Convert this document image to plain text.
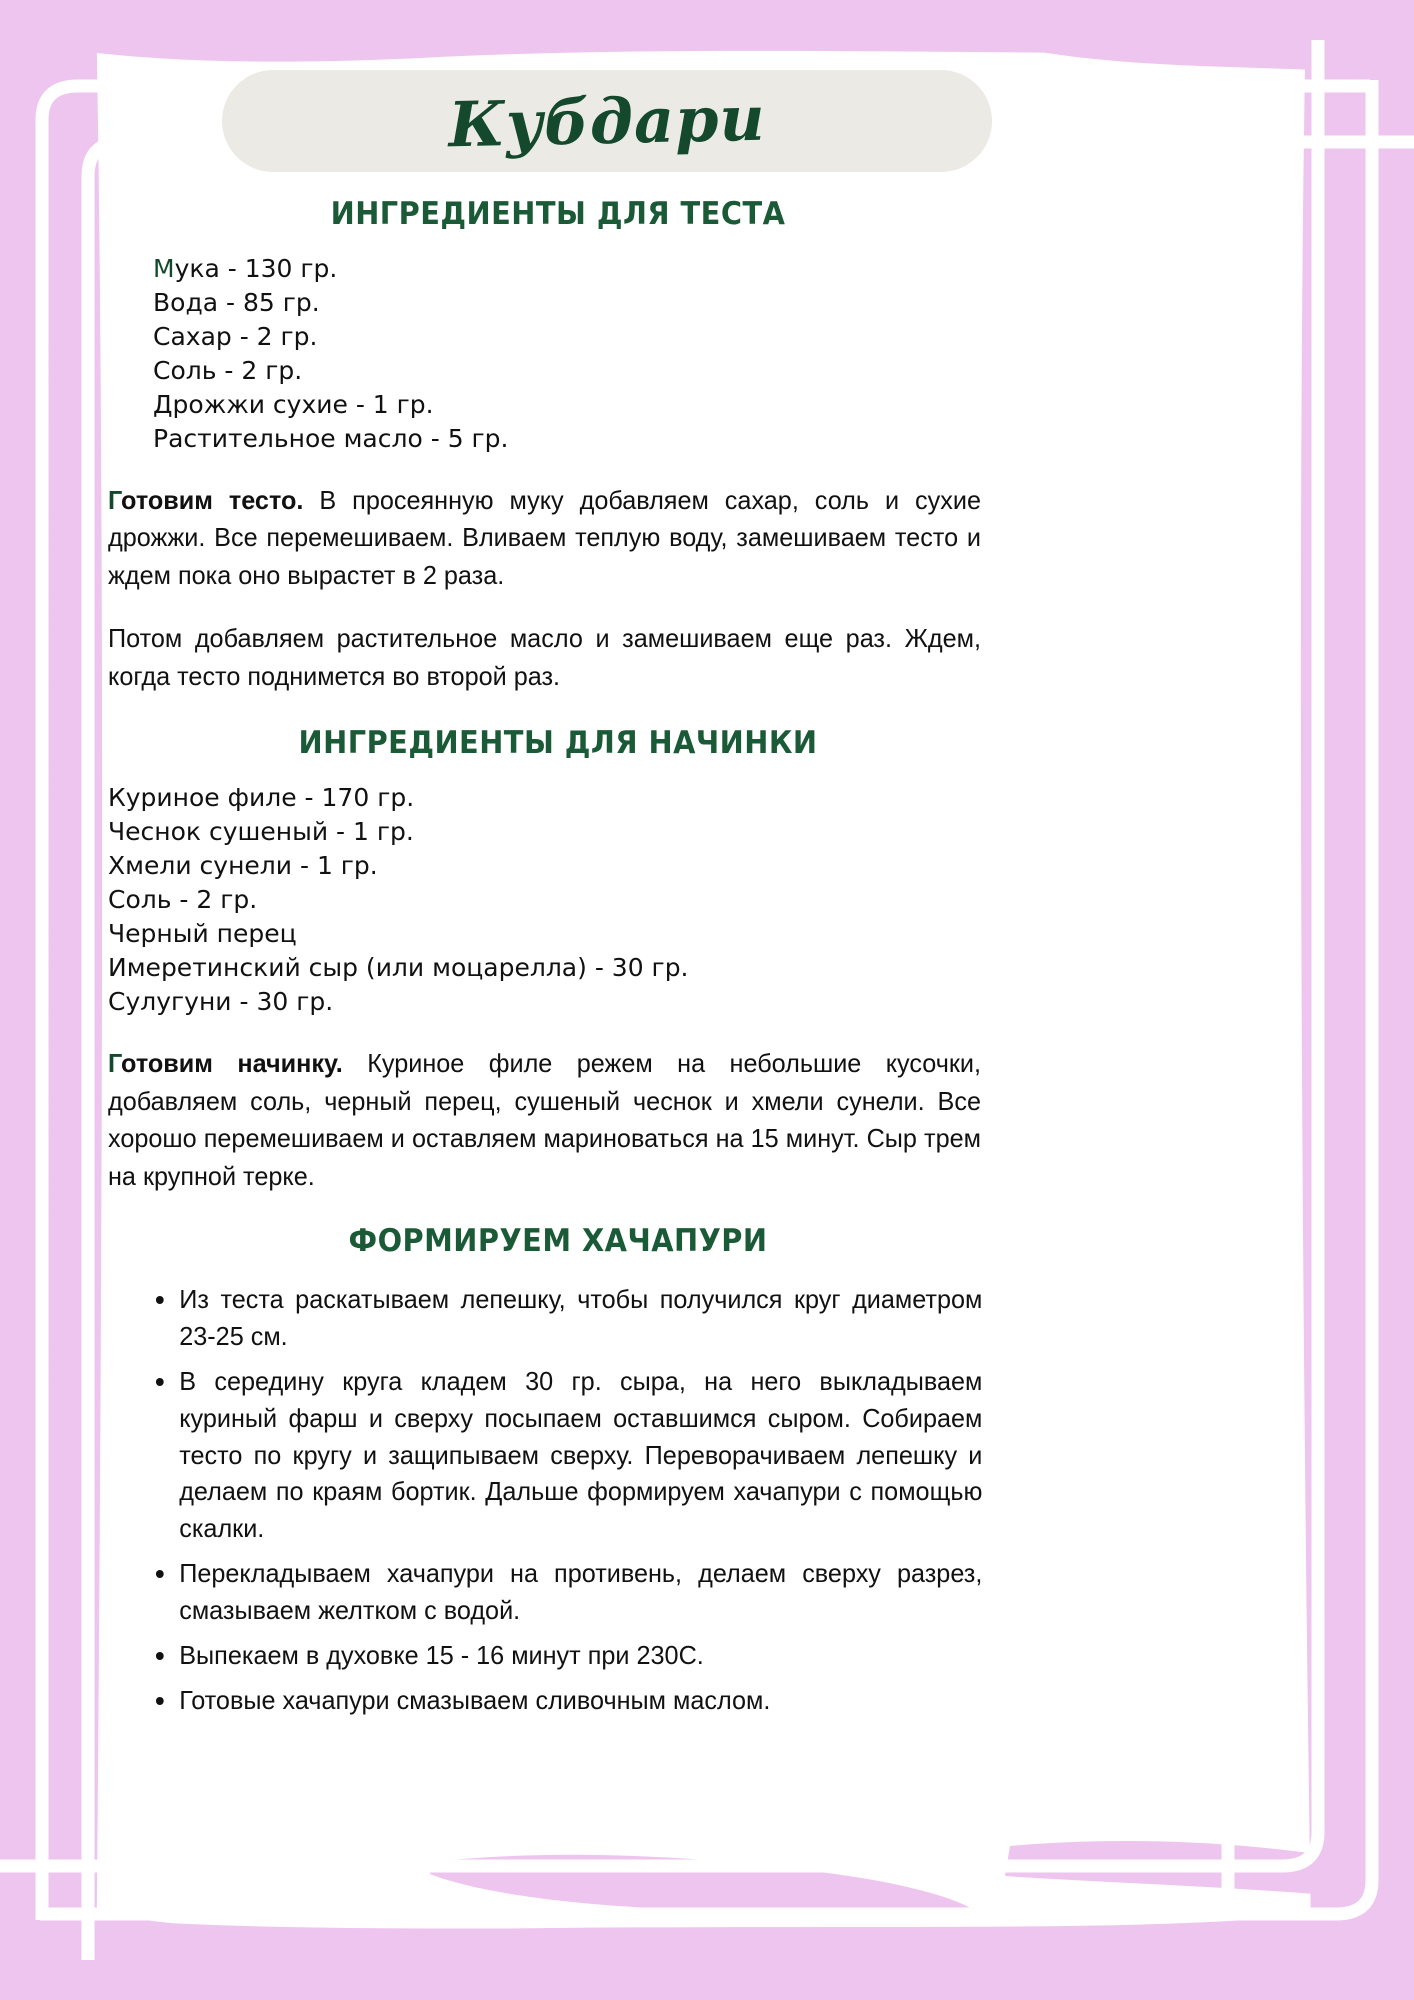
Кубдари
ИНГРЕДИЕНТЫ ДЛЯ ТЕСТА
Мука - 130 гр.
Вода - 85 гр.
Сахар - 2 гр.
Соль - 2 гр.
Дрожжи сухие - 1 гр.
Растительное масло - 5 гр.

Готовим тесто. В просеянную муку добавляем сахар, соль и сухие дрожжи. Все перемешиваем. Вливаем теплую воду, замешиваем тесто и ждем пока оно вырастет в 2 раза.

Потом добавляем растительное масло и замешиваем еще раз. Ждем, когда тесто поднимется во второй раз.

ИНГРЕДИЕНТЫ ДЛЯ НАЧИНКИ
Куриное филе - 170 гр.
Чеснок сушеный - 1 гр.
Хмели сунели - 1 гр.
Соль - 2 гр.
Черный перец
Имеретинский сыр (или моцарелла) - 30 гр.
Сулугуни - 30 гр.

Готовим начинку. Куриное филе режем на небольшие кусочки, добавляем соль, черный перец, сушеный чеснок и хмели сунели. Все хорошо перемешиваем и оставляем мариноваться на 15 минут. Сыр трем на крупной терке.

ФОРМИРУЕМ ХАЧАПУРИ
Из теста раскатываем лепешку, чтобы получился круг диаметром 23-25 см.
В середину круга кладем 30 гр. сыра, на него выкладываем куриный фарш и сверху посыпаем оставшимся сыром. Собираем тесто по кругу и защипываем сверху. Переворачиваем лепешку и делаем по краям бортик. Дальше формируем хачапури с помощью скалки.
Перекладываем хачапури на противень, делаем сверху разрез, смазываем желтком с водой.
Выпекаем в духовке 15 - 16 минут при 230С.
Готовые хачапури смазываем сливочным маслом.
